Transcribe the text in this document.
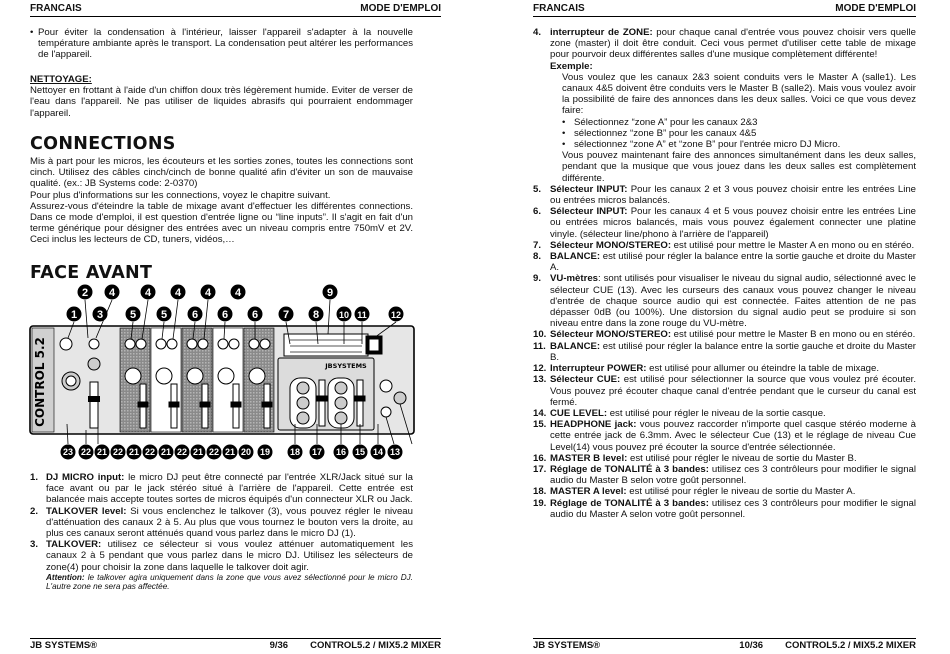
FRANCAIS	MODE D'EMPLOI
• Pour éviter la condensation à l'intérieur, laisser l'appareil s'adapter à la nouvelle température ambiante après le transport. La condensation peut altérer les performances de l'appareil.
NETTOYAGE:
Nettoyer en frottant à l'aide d'un chiffon doux très légèrement humide. Eviter de verser de l'eau dans l'appareil. Ne pas utiliser de liquides abrasifs qui pourraient endommager l'appareil.
CONNECTIONS
Mis à part pour les micros, les écouteurs et les sorties zones, toutes les connections sont cinch. Utilisez des câbles cinch/cinch de bonne qualité afin d'éviter un son de mauvaise qualité. (ex.: JB Systems code: 2-0370)
Pour plus d'informations sur les connections, voyez le chapitre suivant.
Assurez-vous d'éteindre la table de mixage avant d'effectuer les différentes connections. Dans ce mode d'emploi, il est question d'entrée ligne ou “line inputs”. Il s'agit en fait d'un terme générique pour désigner des entrées avec un niveau compris entre 750mV et 2V. Ceci inclus les lecteurs de CD, tuners, vidéos,…
FACE AVANT
CONTROL 5.2	JBSYSTEMS
2 4	4 4 4 4	9
1 3 5 5 6 6 6 7 8 10 11	12
23 22 21 22 21 22 21 22 21 22 21 20 19 18 17 16 15 14 13
1. DJ MICRO input: le micro DJ peut être connecté par l'entrée XLR/Jack situé sur la face avant ou par le jack stéréo situé à l'arrière de l'appareil. Cette entrée est balancée mais accepte toutes sortes de micros équipés d'un connecteur XLR ou Jack.
2. TALKOVER level: Si vous enclenchez le talkover (3), vous pouvez régler le niveau d'atténuation des canaux 2 à 5. Au plus que vous tournez le bouton vers la droite, au plus ces canaux seront atténués quand vous parlez dans le micro DJ (1).
3. TALKOVER: utilisez ce sélecteur si vous voulez atténuer automatiquement les canaux 2 à 5 pendant que vous parlez dans le micro DJ. Utilisez les sélecteurs de zone(4) pour choisir la zone dans laquelle le talkover doit agir.
Attention: le talkover agira uniquement dans la zone que vous avez sélectionné pour le micro DJ. L'autre zone ne sera pas affectée.
JB SYSTEMS®	9/36 CONTROL5.2 / MIX5.2 MIXER
FRANCAIS	MODE D'EMPLOI
4. interrupteur de ZONE: pour chaque canal d'entrée vous pouvez choisir vers quelle zone (master) il doit être conduit. Ceci vous permet d'utiliser cette table de mixage pour pourvoir deux différentes salles d'une musique complètement différente!
Exemple:
Vous voulez que les canaux 2&3 soient conduits vers le Master A (salle1). Les canaux 4&5 doivent être conduits vers le Master B (salle2). Mais vous voulez avoir la possibilité de faire des annonces dans les deux salles. Voici ce que vous devez faire:
• Sélectionnez “zone A” pour les canaux 2&3
• sélectionnez “zone B” pour les canaux 4&5
• sélectionnez “zone A” et “zone B” pour l'entrée micro DJ Micro.
Vous pouvez maintenant faire des annonces simultanément dans les deux salles, pendant que la musique que vous jouez dans les deux salles est complètement différente.
5. Sélecteur INPUT: Pour les canaux 2 et 3 vous pouvez choisir entre les entrées Line ou entrées micros balancés.
6. Sélecteur INPUT: Pour les canaux 4 et 5 vous pouvez choisir entre les entrées Line ou entrées micros balancés, mais vous pouvez également connecter une platine vinyle. (sélecteur line/phono à l'arrière de l'appareil)
7. Sélecteur MONO/STEREO: est utilisé pour mettre le Master A en mono ou en stéréo.
8. BALANCE: est utilisé pour régler la balance entre la sortie gauche et droite du Master A.
9. VU-mètres: sont utilisés pour visualiser le niveau du signal audio, sélectionné avec le sélecteur CUE (13). Avec les curseurs des canaux vous pouvez changer le niveau d'entrée de chaque source audio qui est connectée. Faites attention de ne pas dépasser 0dB (ou 100%). Une distorsion du signal audio peut se produire si son niveau entre dans la zone rouge du VU-mètre.
10. Sélecteur MONO/STEREO: est utilisé pour mettre le Master B en mono ou en stéréo.
11. BALANCE: est utilisé pour régler la balance entre la sortie gauche et droite du Master B.
12. Interrupteur POWER: est utilisé pour allumer ou éteindre la table de mixage.
13. Sélecteur CUE: est utilisé pour sélectionner la source que vous voulez pré écouter. Vous pouvez pré écouter chaque canal d'entrée pendant que le curseur du canal est fermé.
14. CUE LEVEL: est utilisé pour régler le niveau de la sortie casque.
15. HEADPHONE jack: vous pouvez raccorder n'importe quel casque stéréo moderne à cette entrée jack de 6.3mm. Avec le sélecteur Cue (13) et le réglage de niveau Cue Level(14) vous pouvez pré écouter la source d'entrée sélectionnée.
16. MASTER B level: est utilisé pour régler le niveau de sortie du Master B.
17. Réglage de TONALITÉ à 3 bandes: utilisez ces 3 contrôleurs pour modifier le signal audio du Master B selon votre goût personnel.
18. MASTER A level: est utilisé pour régler le niveau de sortie du Master A.
19. Réglage de TONALITÉ à 3 bandes: utilisez ces 3 contrôleurs pour modifier le signal audio du Master A selon votre goût personnel.
JB SYSTEMS®	10/36 CONTROL5.2 / MIX5.2 MIXER
